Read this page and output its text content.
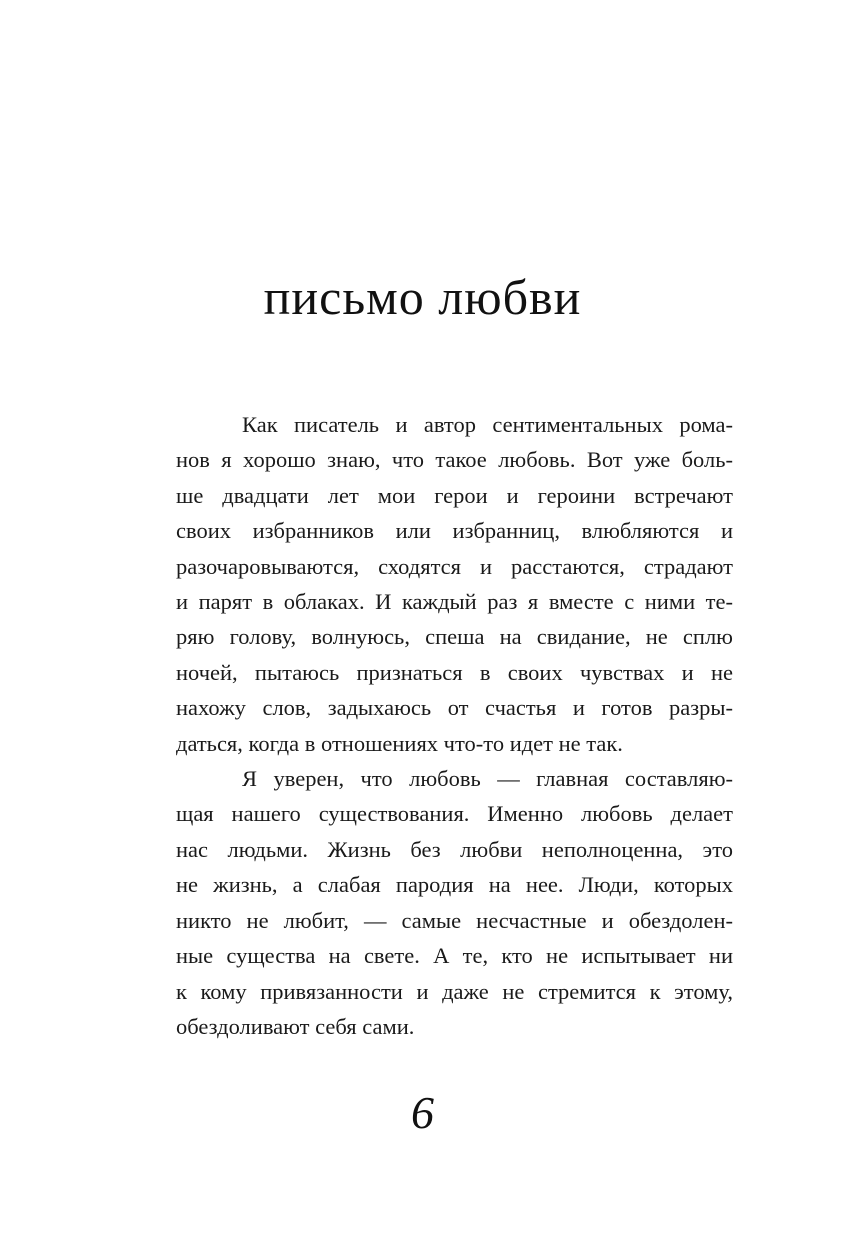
письмо любви
Как писатель и автор сентиментальных рома-
нов я хорошо знаю, что такое любовь. Вот уже боль-
ше двадцати лет мои герои и героини встречают
своих избранников или избранниц, влюбляются и
разочаровываются, сходятся и расстаются, страдают
и парят в облаках. И каждый раз я вместе с ними те-
ряю голову, волнуюсь, спеша на свидание, не сплю
ночей, пытаюсь признаться в своих чувствах и не
нахожу слов, задыхаюсь от счастья и готов разры-
даться, когда в отношениях что-то идет не так.
Я уверен, что любовь — главная составляю-
щая нашего существования. Именно любовь делает
нас людьми. Жизнь без любви неполноценна, это
не жизнь, а слабая пародия на нее. Люди, которых
никто не любит, — самые несчастные и обездолен-
ные существа на свете. А те, кто не испытывает ни
к кому привязанности и даже не стремится к этому,
обездоливают себя сами.
6
